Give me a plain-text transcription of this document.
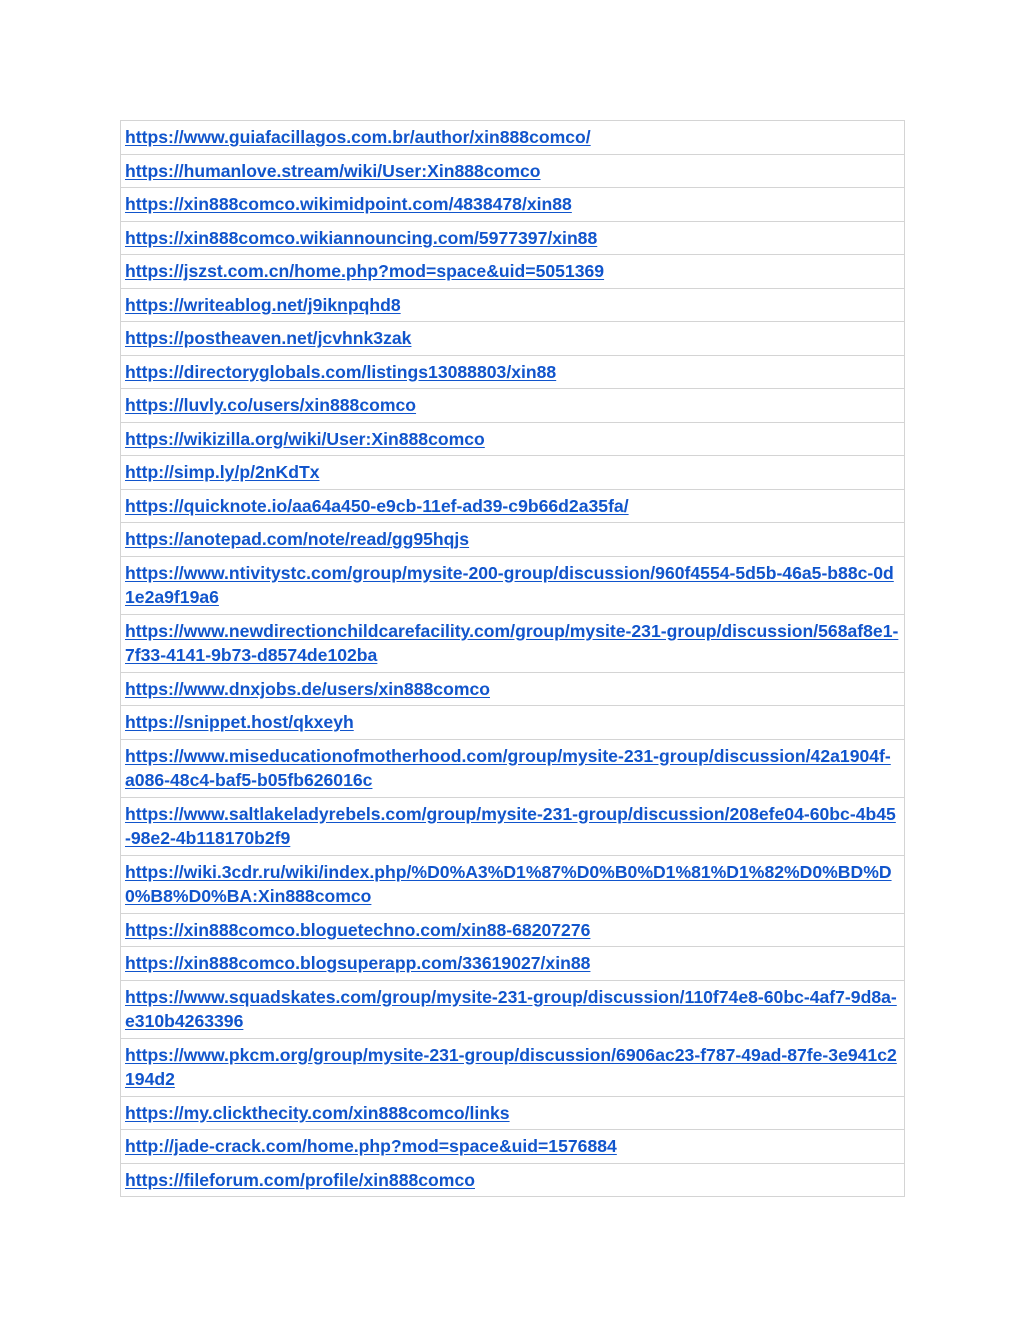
https://www.guiafacillagos.com.br/author/xin888comco/
https://humanlove.stream/wiki/User:Xin888comco
https://xin888comco.wikimidpoint.com/4838478/xin88
https://xin888comco.wikiannouncing.com/5977397/xin88
https://jszst.com.cn/home.php?mod=space&uid=5051369
https://writeablog.net/j9iknpqhd8
https://postheaven.net/jcvhnk3zak
https://directoryglobals.com/listings13088803/xin88
https://luvly.co/users/xin888comco
https://wikizilla.org/wiki/User:Xin888comco
http://simp.ly/p/2nKdTx
https://quicknote.io/aa64a450-e9cb-11ef-ad39-c9b66d2a35fa/
https://anotepad.com/note/read/gg95hqjs
https://www.ntivitystc.com/group/mysite-200-group/discussion/960f4554-5d5b-46a5-b88c-0d1e2a9f19a6
https://www.newdirectionchildcarefacility.com/group/mysite-231-group/discussion/568af8e1-7f33-4141-9b73-d8574de102ba
https://www.dnxjobs.de/users/xin888comco
https://snippet.host/qkxeyh
https://www.miseducationofmotherhood.com/group/mysite-231-group/discussion/42a1904f-a086-48c4-baf5-b05fb626016c
https://www.saltlakeladyrebels.com/group/mysite-231-group/discussion/208efe04-60bc-4b45-98e2-4b118170b2f9
https://wiki.3cdr.ru/wiki/index.php/%D0%A3%D1%87%D0%B0%D1%81%D1%82%D0%BD%D0%B8%D0%BA:Xin888comco
https://xin888comco.bloguetechno.com/xin88-68207276
https://xin888comco.blogsuperapp.com/33619027/xin88
https://www.squadskates.com/group/mysite-231-group/discussion/110f74e8-60bc-4af7-9d8a-e310b4263396
https://www.pkcm.org/group/mysite-231-group/discussion/6906ac23-f787-49ad-87fe-3e941c2194d2
https://my.clickthecity.com/xin888comco/links
http://jade-crack.com/home.php?mod=space&uid=1576884
https://fileforum.com/profile/xin888comco
